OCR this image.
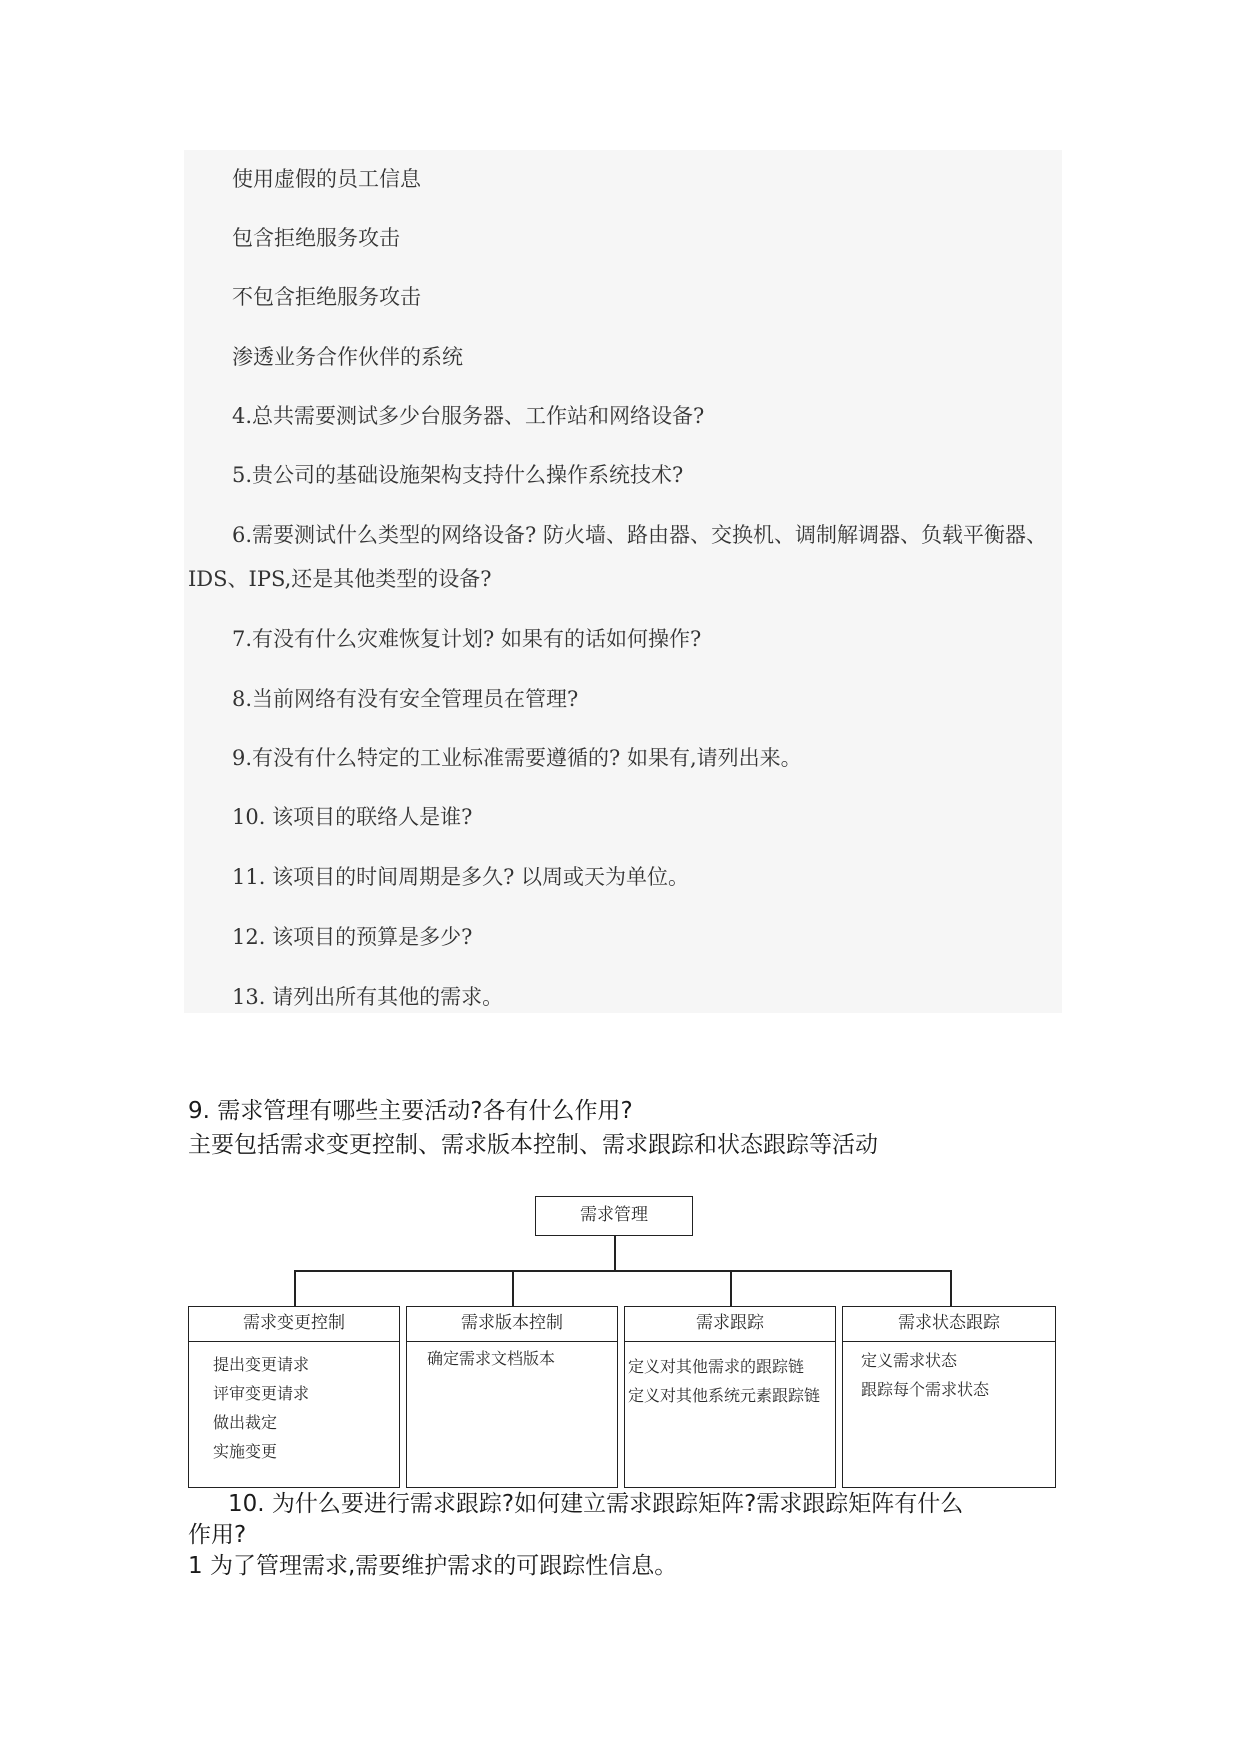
使用虚假的员工信息
包含拒绝服务攻击
不包含拒绝服务攻击
渗透业务合作伙伴的系统
4.总共需要测试多少台服务器、工作站和网络设备?
5.贵公司的基础设施架构支持什么操作系统技术?
6.需要测试什么类型的网络设备? 防火墙、路由器、交换机、调制解调器、负载平衡器、
IDS、IPS,还是其他类型的设备?
7.有没有什么灾难恢复计划? 如果有的话如何操作?
8.当前网络有没有安全管理员在管理?
9.有没有什么特定的工业标准需要遵循的? 如果有,请列出来。
10. 该项目的联络人是谁?
11. 该项目的时间周期是多久? 以周或天为单位。
12. 该项目的预算是多少?
13. 请列出所有其他的需求。
9. 需求管理有哪些主要活动?各有什么作用?
主要包括需求变更控制、需求版本控制、需求跟踪和状态跟踪等活动
需求管理
需求变更控制
提出变更请求
评审变更请求
做出裁定
实施变更
需求版本控制
确定需求文档版本
需求跟踪
定义对其他需求的跟踪链
定义对其他系统元素跟踪链
需求状态跟踪
定义需求状态
跟踪每个需求状态
10. 为什么要进行需求跟踪?如何建立需求跟踪矩阵?需求跟踪矩阵有什么
作用?
1 为了管理需求,需要维护需求的可跟踪性信息。
